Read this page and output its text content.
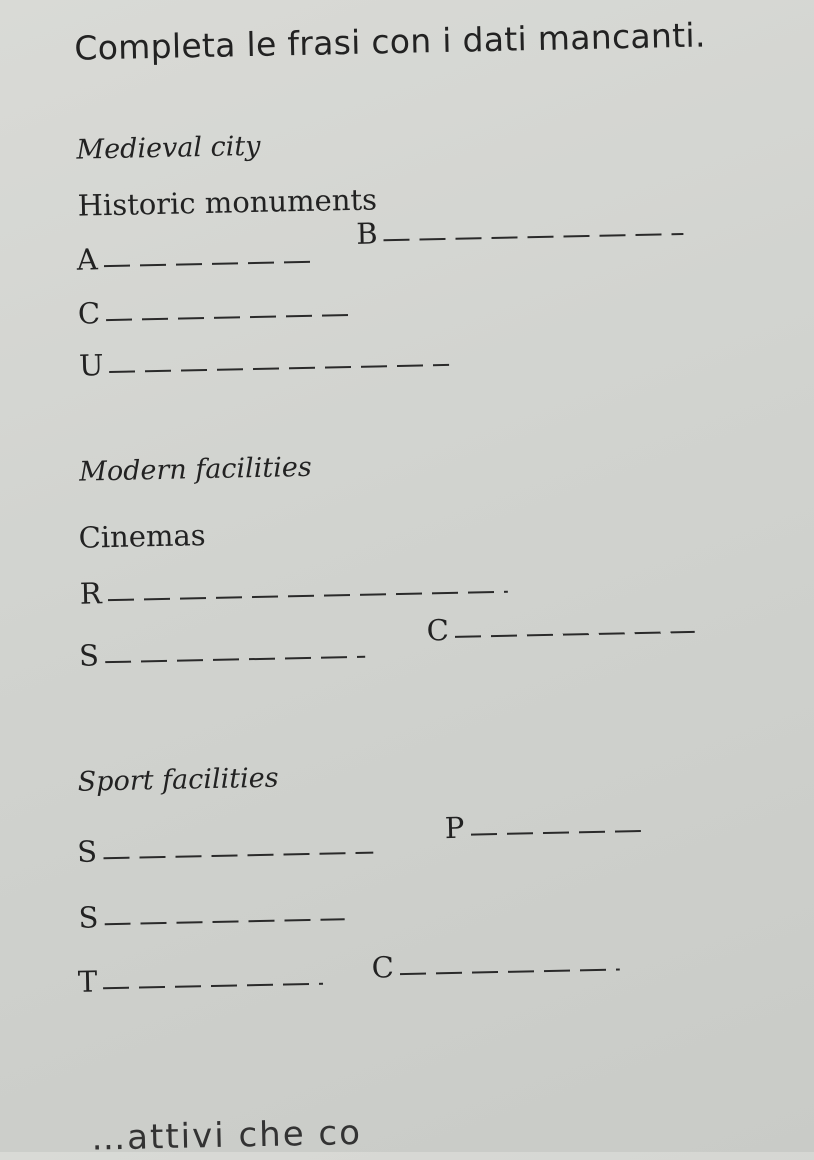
Completa le frasi con i dati mancanti.
Medieval city
Historic monuments
A
B
C
U
Modern facilities
Cinemas
R
S
C
Sport facilities
S
P
S
T	C
…attivi che co
